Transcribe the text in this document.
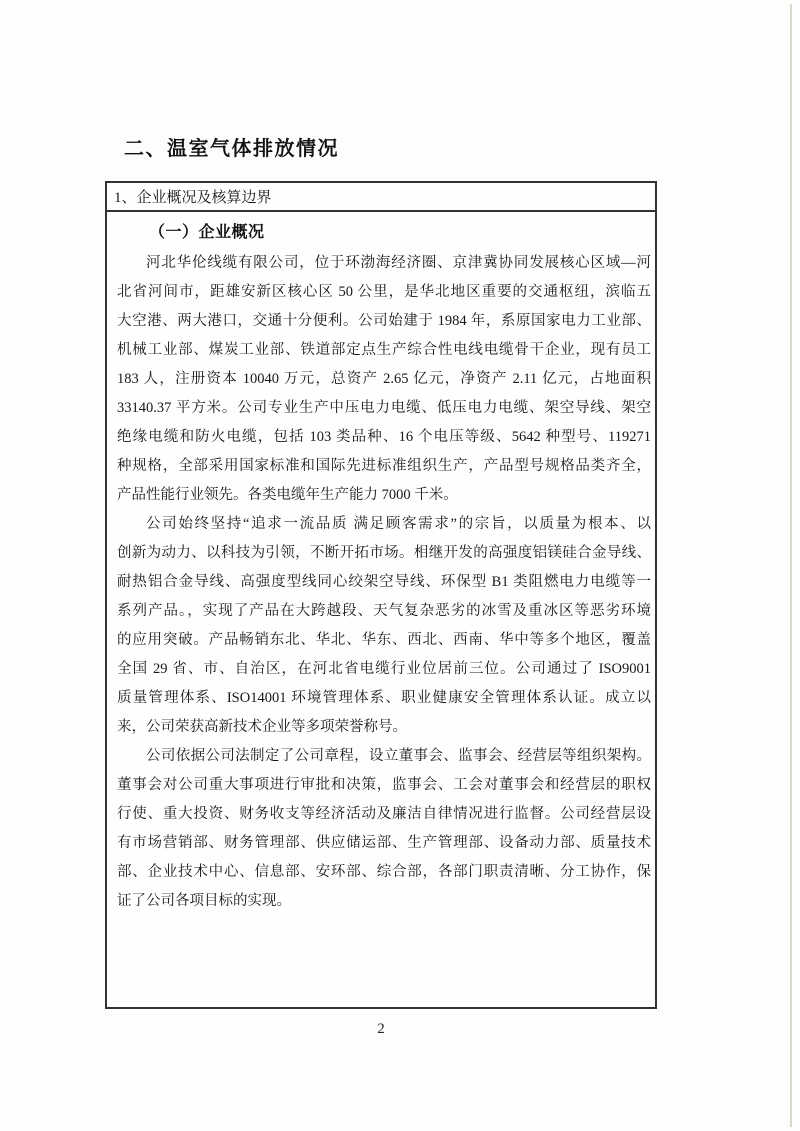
二、温室气体排放情况
1、企业概况及核算边界
（一）企业概况
河北华伦线缆有限公司，位于环渤海经济圈、京津冀协同发展核心区域—河
北省河间市，距雄安新区核心区 50 公里，是华北地区重要的交通枢纽，滨临五
大空港、两大港口，交通十分便利。公司始建于 1984 年，系原国家电力工业部、
机械工业部、煤炭工业部、铁道部定点生产综合性电线电缆骨干企业，现有员工
183 人，注册资本 10040 万元，总资产 2.65 亿元，净资产 2.11 亿元，占地面积
33140.37 平方米。公司专业生产中压电力电缆、低压电力电缆、架空导线、架空
绝缘电缆和防火电缆，包括 103 类品种、16 个电压等级、5642 种型号、119271
种规格，全部采用国家标准和国际先进标准组织生产，产品型号规格品类齐全，
产品性能行业领先。各类电缆年生产能力 7000 千米。
公司始终坚持“追求一流品质 满足顾客需求”的宗旨，以质量为根本、以
创新为动力、以科技为引领，不断开拓市场。相继开发的高强度铝镁硅合金导线、
耐热铝合金导线、高强度型线同心绞架空导线、环保型 B1 类阻燃电力电缆等一
系列产品。，实现了产品在大跨越段、天气复杂恶劣的冰雪及重冰区等恶劣环境
的应用突破。产品畅销东北、华北、华东、西北、西南、华中等多个地区，覆盖
全国 29 省、市、自治区，在河北省电缆行业位居前三位。公司通过了 ISO9001
质量管理体系、ISO14001 环境管理体系、职业健康安全管理体系认证。成立以
来，公司荣获高新技术企业等多项荣誉称号。
公司依据公司法制定了公司章程，设立董事会、监事会、经营层等组织架构。
董事会对公司重大事项进行审批和决策，监事会、工会对董事会和经营层的职权
行使、重大投资、财务收支等经济活动及廉洁自律情况进行监督。公司经营层设
有市场营销部、财务管理部、供应储运部、生产管理部、设备动力部、质量技术
部、企业技术中心、信息部、安环部、综合部，各部门职责清晰、分工协作，保
证了公司各项目标的实现。
2
